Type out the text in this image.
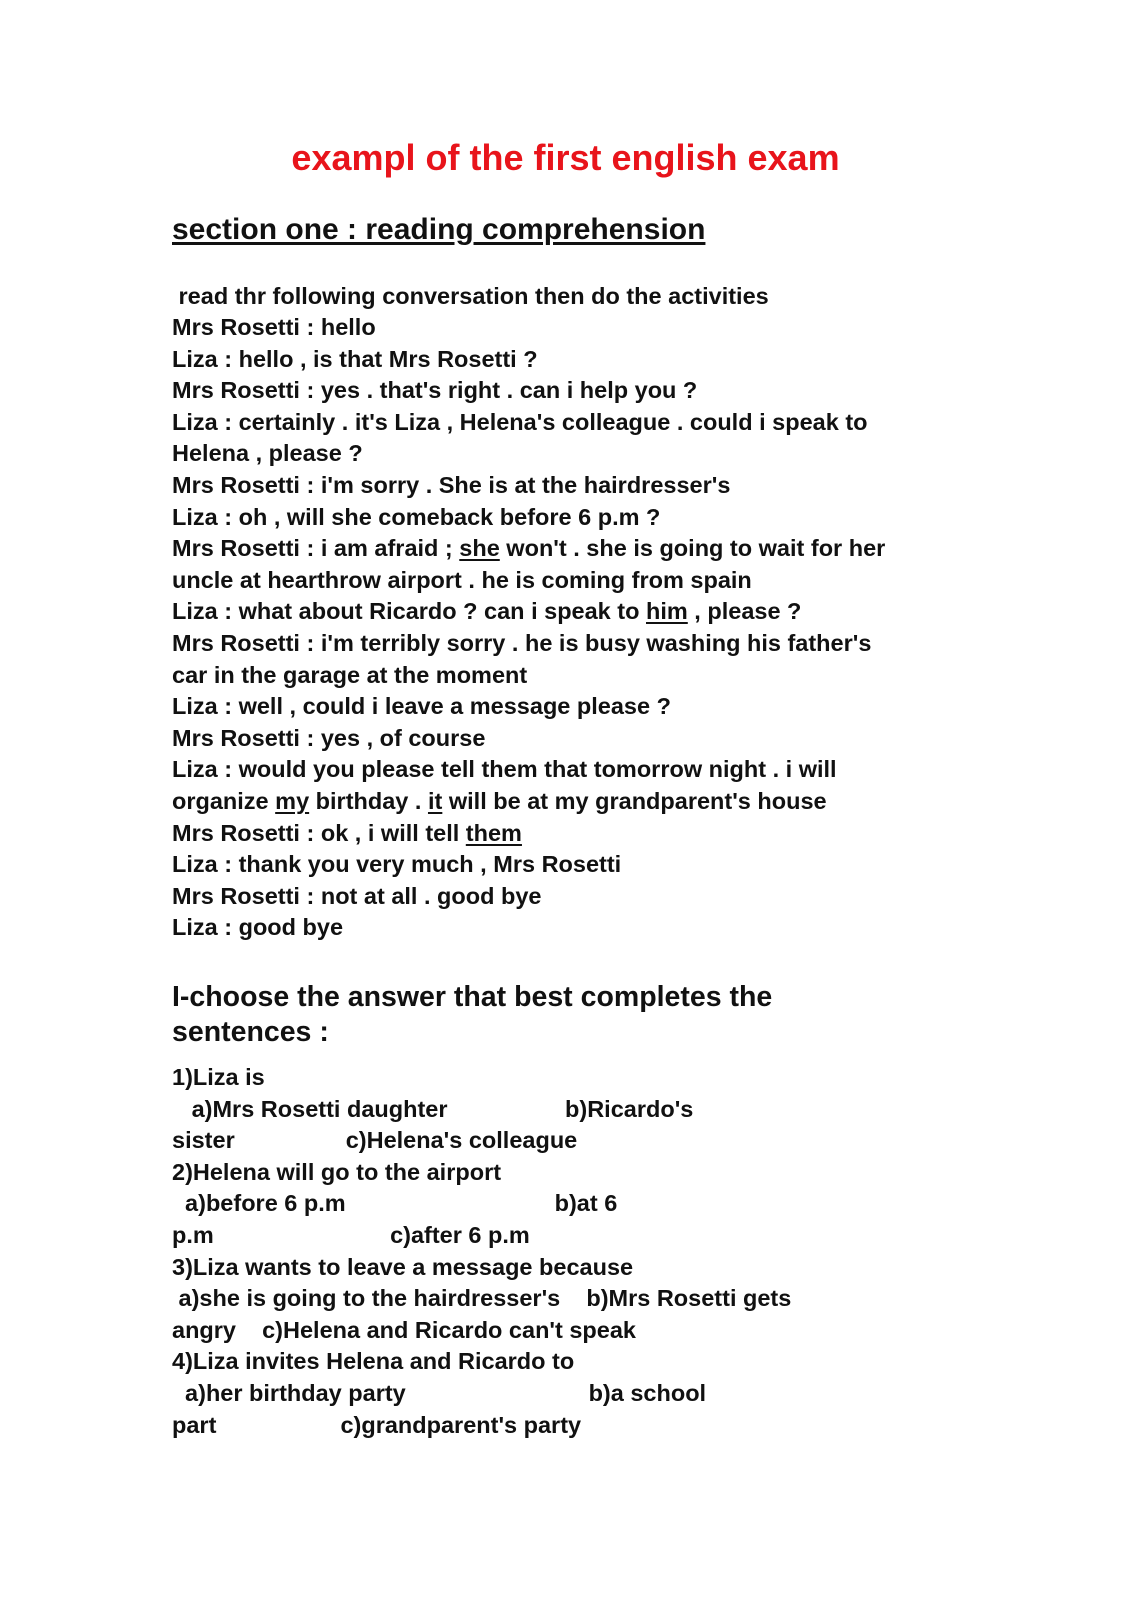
exampl of the first english exam
section one : reading comprehension
read thr following conversation then do the activities
Mrs Rosetti : hello
Liza : hello , is that Mrs Rosetti ?
Mrs Rosetti : yes . that's right . can i help you ?
Liza : certainly . it's Liza , Helena's colleague . could i speak to
Helena , please ?
Mrs Rosetti : i'm sorry . She is at the hairdresser's
Liza : oh , will she comeback before 6 p.m ?
Mrs Rosetti : i am afraid ; she won't . she is going to wait for her
uncle at hearthrow airport . he is coming from spain
Liza : what about Ricardo ? can i speak to him , please ?
Mrs Rosetti : i'm terribly sorry . he is busy washing his father's
car in the garage at the moment
Liza : well , could i leave a message please ?
Mrs Rosetti : yes , of course
Liza : would you please tell them that tomorrow night . i will
organize my birthday . it will be at my grandparent's house
Mrs Rosetti : ok , i will tell them
Liza : thank you very much , Mrs Rosetti
Mrs Rosetti : not at all . good bye
Liza : good bye
I-choose the answer that best completes the
sentences :
1)Liza is
a)Mrs Rosetti daughter                  b)Ricardo's
sister                 c)Helena's colleague
2)Helena will go to the airport
a)before 6 p.m                                b)at 6
p.m                           c)after 6 p.m
3)Liza wants to leave a message because
a)she is going to the hairdresser's    b)Mrs Rosetti gets
angry    c)Helena and Ricardo can't speak
4)Liza invites Helena and Ricardo to
a)her birthday party                            b)a school
part                   c)grandparent's party
